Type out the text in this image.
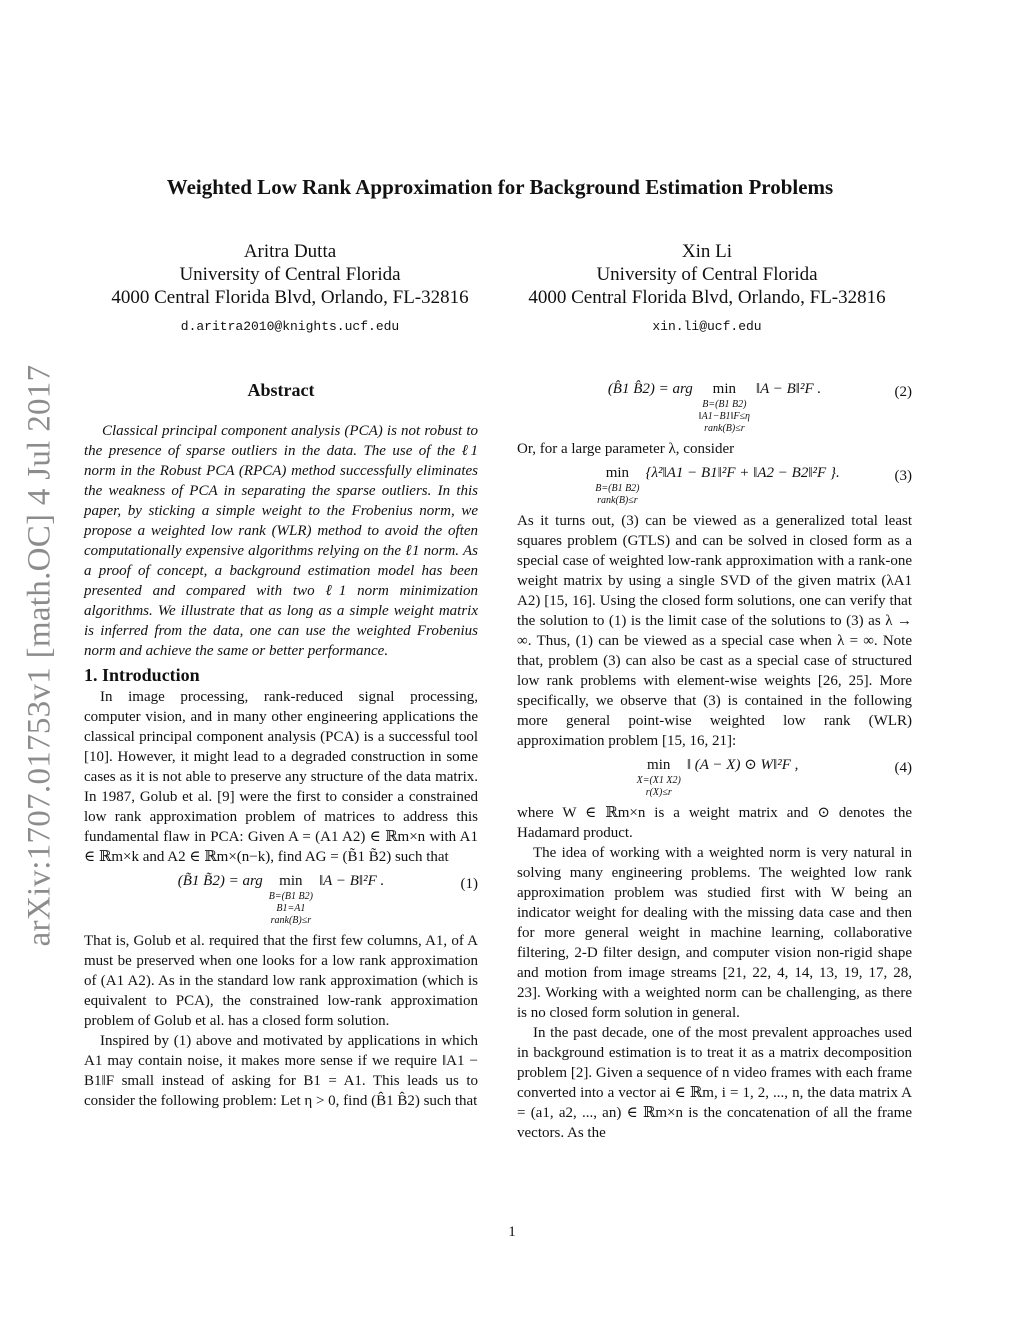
arXiv:1707.01753v1 [math.OC] 4 Jul 2017
Weighted Low Rank Approximation for Background Estimation Problems
Aritra Dutta
University of Central Florida
4000 Central Florida Blvd, Orlando, FL-32816
d.aritra2010@knights.ucf.edu
Xin Li
University of Central Florida
4000 Central Florida Blvd, Orlando, FL-32816
xin.li@ucf.edu
Abstract

Classical principal component analysis (PCA) is not robust to the presence of sparse outliers in the data. The use of the ℓ1 norm in the Robust PCA (RPCA) method successfully eliminates the weakness of PCA in separating the sparse outliers. In this paper, by sticking a simple weight to the Frobenius norm, we propose a weighted low rank (WLR) method to avoid the often computationally expensive algorithms relying on the ℓ1 norm. As a proof of concept, a background estimation model has been presented and compared with two ℓ1 norm minimization algorithms. We illustrate that as long as a simple weight matrix is inferred from the data, one can use the weighted Frobenius norm and achieve the same or better performance.

1. Introduction

In image processing, rank-reduced signal processing, computer vision, and in many other engineering applications the classical principal component analysis (PCA) is a successful tool [10]. However, it might lead to a degraded construction in some cases as it is not able to preserve any structure of the data matrix. In 1987, Golub et al. [9] were the first to consider a constrained low rank approximation problem of matrices to address this fundamental flaw in PCA: Given A = (A1 A2) ∈ ℝm×n with A1 ∈ ℝm×k and A2 ∈ ℝm×(n−k), find AG = (B̃1 B̃2) such that

(B̃1 B̃2) = arg min
B=(B1 B2)
B1=A1
rank(B)≤r
‖A − B‖²F .	(1)

That is, Golub et al. required that the first few columns, A1, of A must be preserved when one looks for a low rank approximation of (A1 A2). As in the standard low rank approximation (which is equivalent to PCA), the constrained low-rank approximation problem of Golub et al. has a closed form solution.

Inspired by (1) above and motivated by applications in which A1 may contain noise, it makes more sense if we require ‖A1 − B1‖F small instead of asking for B1 = A1. This leads us to consider the following problem: Let η > 0, find (B̂1 B̂2) such that

(B̂1 B̂2) = arg min
B=(B1 B2)
‖A1−B1‖F≤η
rank(B)≤r
‖A − B‖²F .	(2)

Or, for a large parameter λ, consider

min
B=(B1 B2)
rank(B)≤r
{λ²‖A1 − B1‖²F + ‖A2 − B2‖²F }.	(3)

As it turns out, (3) can be viewed as a generalized total least squares problem (GTLS) and can be solved in closed form as a special case of weighted low-rank approximation with a rank-one weight matrix by using a single SVD of the given matrix (λA1 A2) [15, 16]. Using the closed form solutions, one can verify that the solution to (1) is the limit case of the solutions to (3) as λ → ∞. Thus, (1) can be viewed as a special case when λ = ∞. Note that, problem (3) can also be cast as a special case of structured low rank problems with element-wise weights [26, 25]. More specifically, we observe that (3) is contained in the following more general point-wise weighted low rank (WLR) approximation problem [15, 16, 21]:

min
X=(X1 X2)
r(X)≤r
‖ (A − X) ⊙ W‖²F ,	(4)

where W ∈ ℝm×n is a weight matrix and ⊙ denotes the Hadamard product.

The idea of working with a weighted norm is very natural in solving many engineering problems. The weighted low rank approximation problem was studied first with W being an indicator weight for dealing with the missing data case and then for more general weight in machine learning, collaborative filtering, 2-D filter design, and computer vision non-rigid shape and motion from image streams [21, 22, 4, 14, 13, 19, 17, 28, 23]. Working with a weighted norm can be challenging, as there is no closed form solution in general.

In the past decade, one of the most prevalent approaches used in background estimation is to treat it as a matrix decomposition problem [2]. Given a sequence of n video frames with each frame converted into a vector ai ∈ ℝm, i = 1, 2, ..., n, the data matrix A = (a1, a2, ..., an) ∈ ℝm×n is the concatenation of all the frame vectors. As the

1
